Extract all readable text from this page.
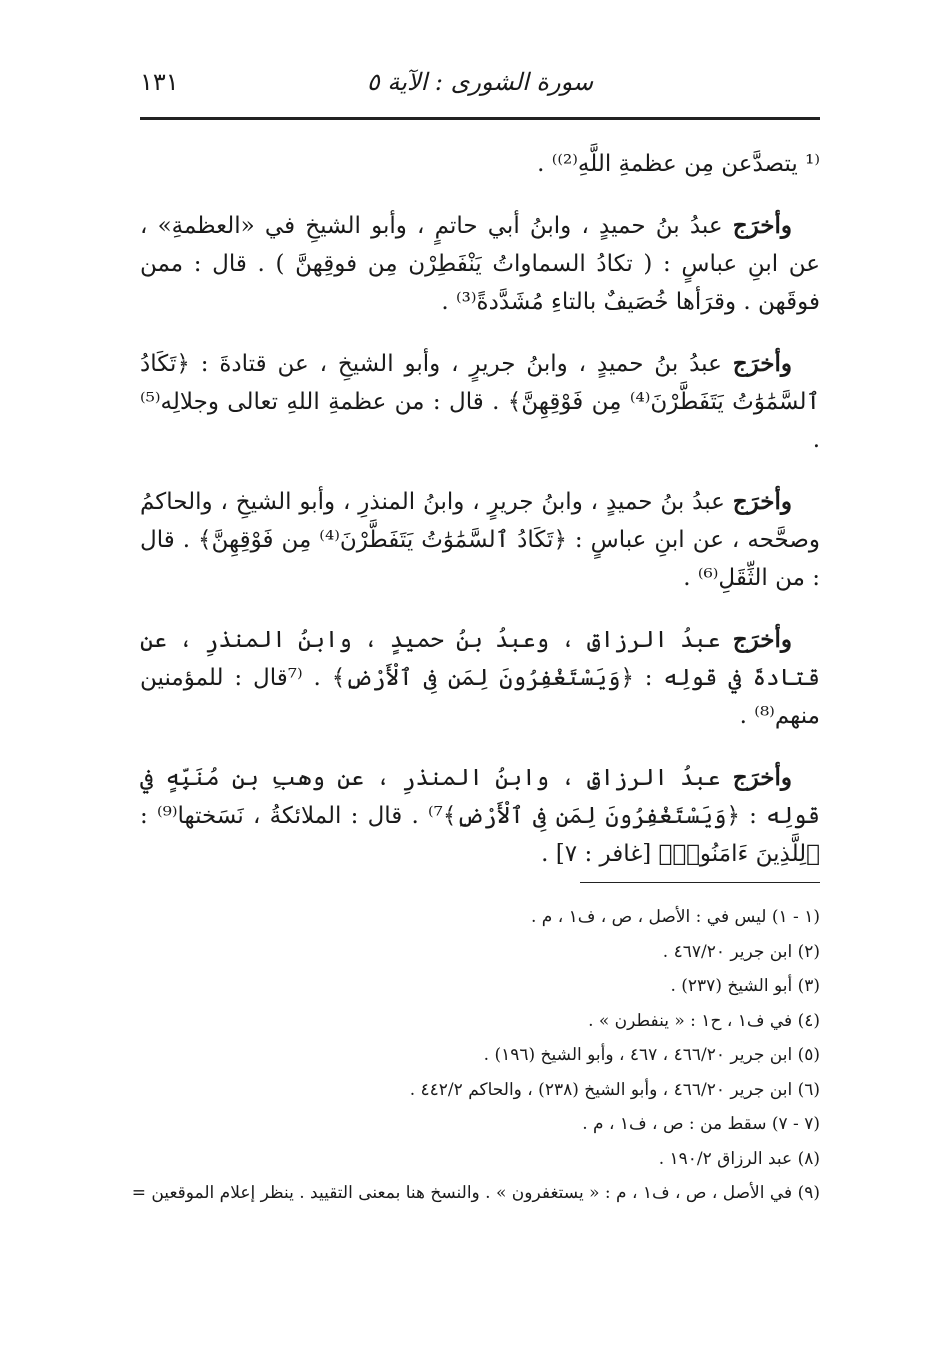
١٣١	سورة الشورى : الآية ٥

⁽¹ يتصدَّعن مِن عظمةِ اللَّهِ⁽²⁾⁾ .

وأخرَج عبدُ بنُ حميدٍ ، وابنُ أبي حاتمٍ ، وأبو الشيخِ في «العظمةِ» ، عن ابنِ عباسٍ : ( تكادُ السماواتُ يَنْفَطِرْن مِن فوقِهنَّ ) . قال : ممن فوقَهن . وقرَأها خُصَيفٌ بالتاءِ مُشَدَّدةً⁽³⁾ .

وأخرَج عبدُ بنُ حميدٍ ، وابنُ جريرٍ ، وأبو الشيخِ ، عن قتادةَ : ﴿تَكَادُ ٱلسَّمَٰوَٰتُ يَتَفَطَّرْنَ⁽⁴⁾ مِن فَوْقِهِنَّ﴾ . قال : من عظمةِ اللهِ تعالى وجلالِه⁽⁵⁾ .

وأخرَج عبدُ بنُ حميدٍ ، وابنُ جريرٍ ، وابنُ المنذرِ ، وأبو الشيخِ ، والحاكمُ وصحَّحه ، عن ابنِ عباسٍ : ﴿تَكَادُ ٱلسَّمَٰوَٰتُ يَتَفَطَّرْنَ⁽⁴⁾ مِن فَوْقِهِنَّ﴾ . قال : من الثِّقَلِ⁽⁶⁾ .

وأخرَج عبدُ الرزاقِ ، وعبدُ بنُ حميدٍ ، وابنُ المنذرِ ، عن قتادةَ في قولِه : ﴿وَيَسْتَغْفِرُونَ لِمَن فِى ٱلْأَرْضِ﴾ . ⁽⁷قال : للمؤمنين منهم⁽⁸⁾ .

وأخرَج عبدُ الرزاقِ ، وابنُ المنذرِ ، عن وهبِ بنِ مُنَبِّهٍ في قولِه : ﴿وَيَسْتَغْفِرُونَ لِمَن فِى ٱلْأَرْضِ﴾⁷⁾ . قال : الملائكةُ ، نَسَختها⁽⁹⁾ : ﴿لِلَّذِينَ ءَامَنُوا۟﴾ [غافر : ٧] .

(١ - ١) ليس في : الأصل ، ص ، ف١ ، م .

(٢) ابن جرير ٤٦٧/٢٠ .

(٣) أبو الشيخ (٢٣٧) .

(٤) في ف١ ، ح١ : « ينفطرن » .

(٥) ابن جرير ٤٦٦/٢٠ ، ٤٦٧ ، وأبو الشيخ (١٩٦) .

(٦) ابن جرير ٤٦٦/٢٠ ، وأبو الشيخ (٢٣٨) ، والحاكم ٤٤٢/٢ .

(٧ - ٧) سقط من : ص ، ف١ ، م .

(٨) عبد الرزاق ١٩٠/٢ .

(٩) في الأصل ، ص ، ف١ ، م : « يستغفرون » . والنسخ هنا بمعنى التقييد . ينظر إعلام الموقعين =
